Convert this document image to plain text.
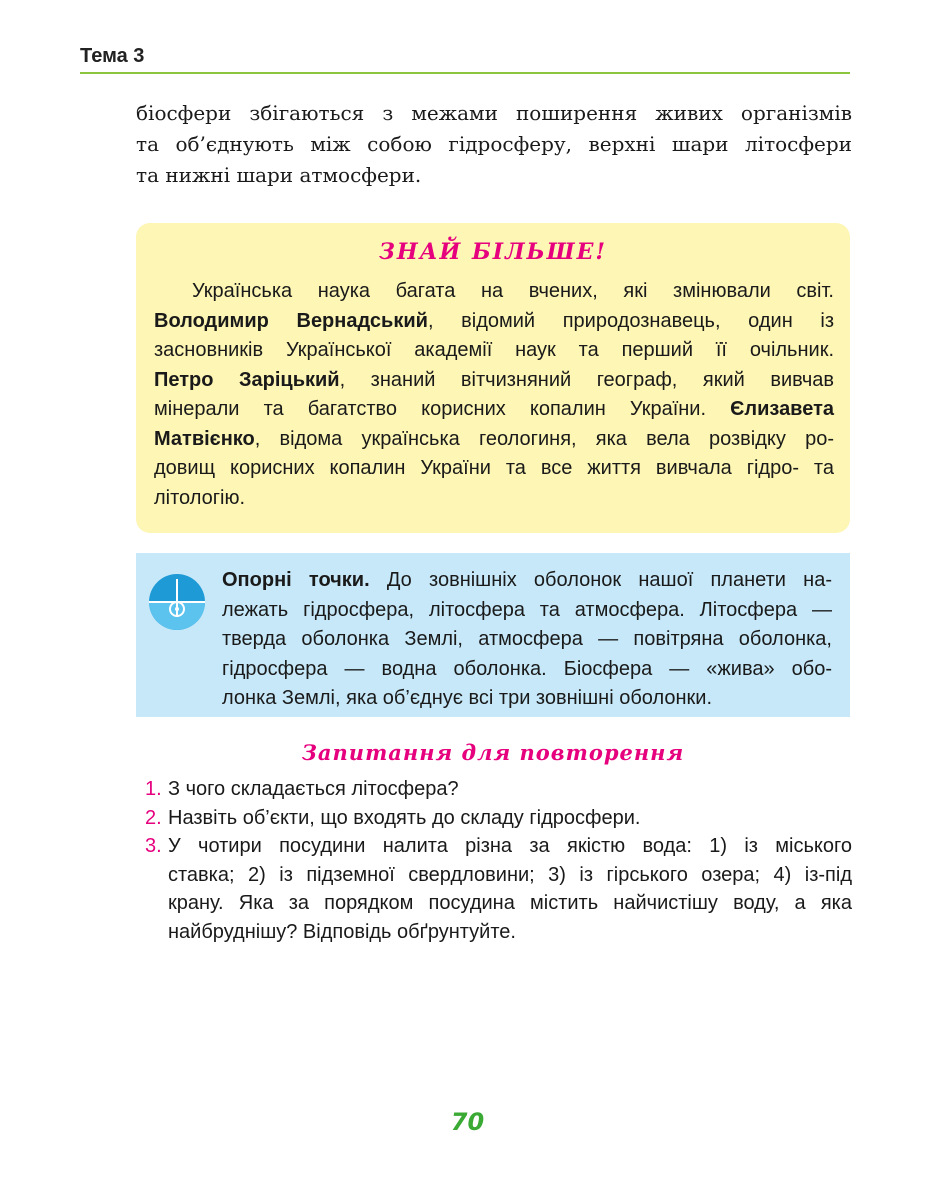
Тема 3

біосфери збігаються з межами поширення живих організмів
та об’єднують між собою гідросферу, верхні шари літосфери
та нижні шари атмосфери.

ЗНАЙ БІЛЬШЕ!

Українська наука багата на вчених, які змінювали світ.
Володимир Вернадський, відомий природознавець, один із
засновників Української академії наук та перший її очільник.
Петро Заріцький, знаний вітчизняний географ, який вивчав
мінерали та багатство корисних копалин України. Єлизавета
Матвієнко, відома українська геологиня, яка вела розвідку ро-
довищ корисних копалин України та все життя вивчала гідро- та
літологію.

Опорні точки. До зовнішніх оболонок нашої планети на-
лежать гідросфера, літосфера та атмосфера. Літосфера —
тверда оболонка Землі, атмосфера — повітряна оболонка,
гідросфера — водна оболонка. Біосфера — «жива» обо-
лонка Землі, яка об’єднує всі три зовнішні оболонки.

Запитання для повторення
1. З чого складається літосфера?
2. Назвіть об’єкти, що входять до складу гідросфери.
3. У чотири посудини налита різна за якістю вода: 1) із міського
ставка; 2) із підземної свердловини; 3) із гірського озера; 4) із-під
крану. Яка за порядком посудина містить найчистішу воду, а яка
найбруднішу? Відповідь обґрунтуйте.
70
